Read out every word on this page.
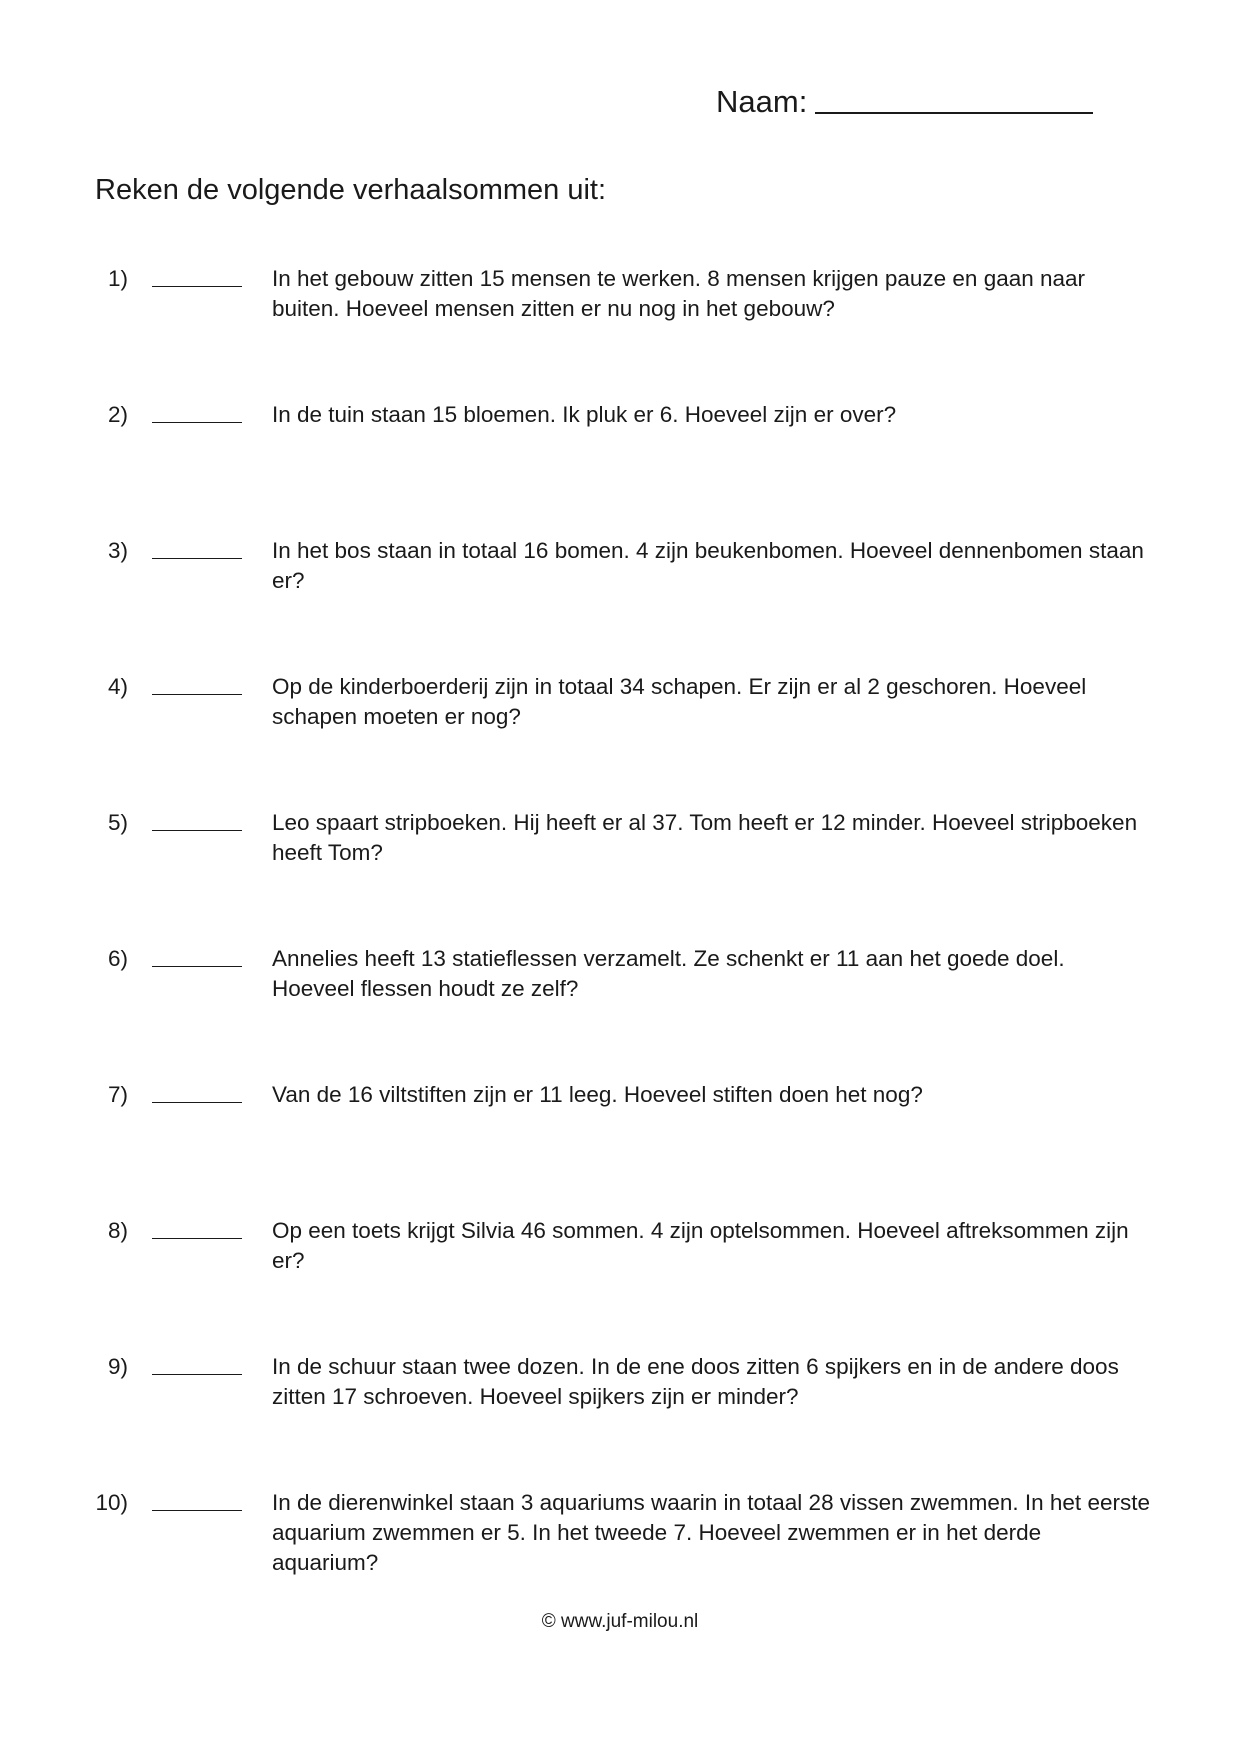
Naam:
Reken de volgende verhaalsommen uit:
1)	In het gebouw zitten 15 mensen te werken. 8 mensen krijgen pauze en gaan naar buiten. Hoeveel mensen zitten er nu nog in het gebouw?
2)	In de tuin staan 15 bloemen. Ik pluk er 6. Hoeveel zijn er over?
3)	In het bos staan in totaal 16 bomen. 4 zijn beukenbomen. Hoeveel dennenbomen staan er?
4)	Op de kinderboerderij zijn in totaal 34 schapen. Er zijn er al 2 geschoren. Hoeveel schapen moeten er nog?
5)	Leo spaart stripboeken. Hij heeft er al 37. Tom heeft er 12 minder. Hoeveel stripboeken heeft Tom?
6)	Annelies heeft 13 statieflessen verzamelt. Ze schenkt er 11 aan het goede doel. Hoeveel flessen houdt ze zelf?
7)	Van de 16 viltstiften zijn er 11 leeg. Hoeveel stiften doen het nog?
8)	Op een toets krijgt Silvia 46 sommen. 4 zijn optelsommen. Hoeveel aftreksommen zijn er?
9)	In de schuur staan twee dozen. In de ene doos zitten 6 spijkers en in de andere doos zitten 17 schroeven. Hoeveel spijkers zijn er minder?
10)	In de dierenwinkel staan 3 aquariums waarin in totaal 28 vissen zwemmen. In het eerste aquarium zwemmen er 5. In het tweede 7. Hoeveel zwemmen er in het derde aquarium?
© www.juf-milou.nl
